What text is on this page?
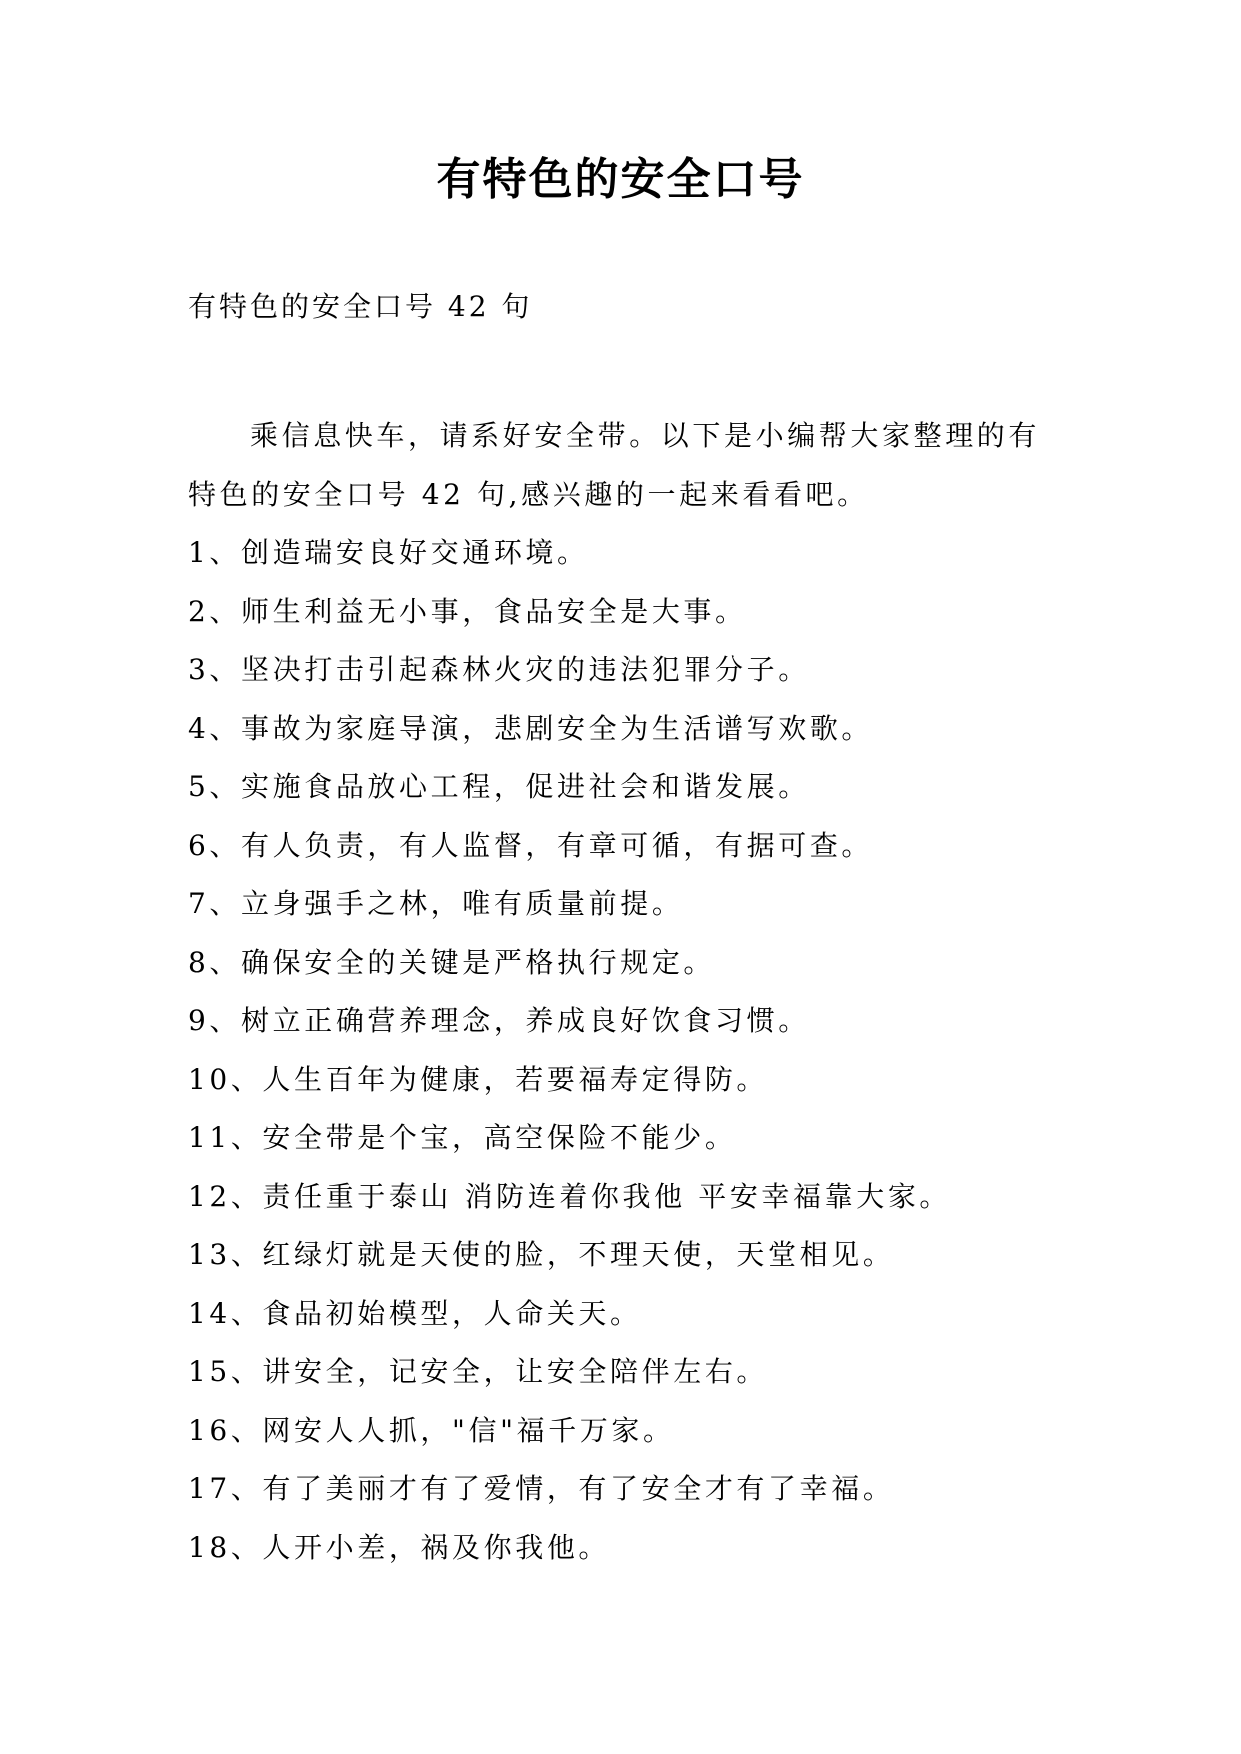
有特色的安全口号
有特色的安全口号 42 句

乘信息快车，请系好安全带。以下是小编帮大家整理的有特色的安全口号 42 句,感兴趣的一起来看看吧。

1、创造瑞安良好交通环境。
2、师生利益无小事，食品安全是大事。
3、坚决打击引起森林火灾的违法犯罪分子。
4、事故为家庭导演，悲剧安全为生活谱写欢歌。
5、实施食品放心工程，促进社会和谐发展。
6、有人负责，有人监督，有章可循，有据可查。
7、立身强手之林，唯有质量前提。
8、确保安全的关键是严格执行规定。
9、树立正确营养理念，养成良好饮食习惯。
10、人生百年为健康，若要福寿定得防。
11、安全带是个宝，高空保险不能少。
12、责任重于泰山 消防连着你我他 平安幸福靠大家。
13、红绿灯就是天使的脸，不理天使，天堂相见。
14、食品初始模型，人命关天。
15、讲安全，记安全，让安全陪伴左右。
16、网安人人抓，"信"福千万家。
17、有了美丽才有了爱情，有了安全才有了幸福。
18、人开小差，祸及你我他。
